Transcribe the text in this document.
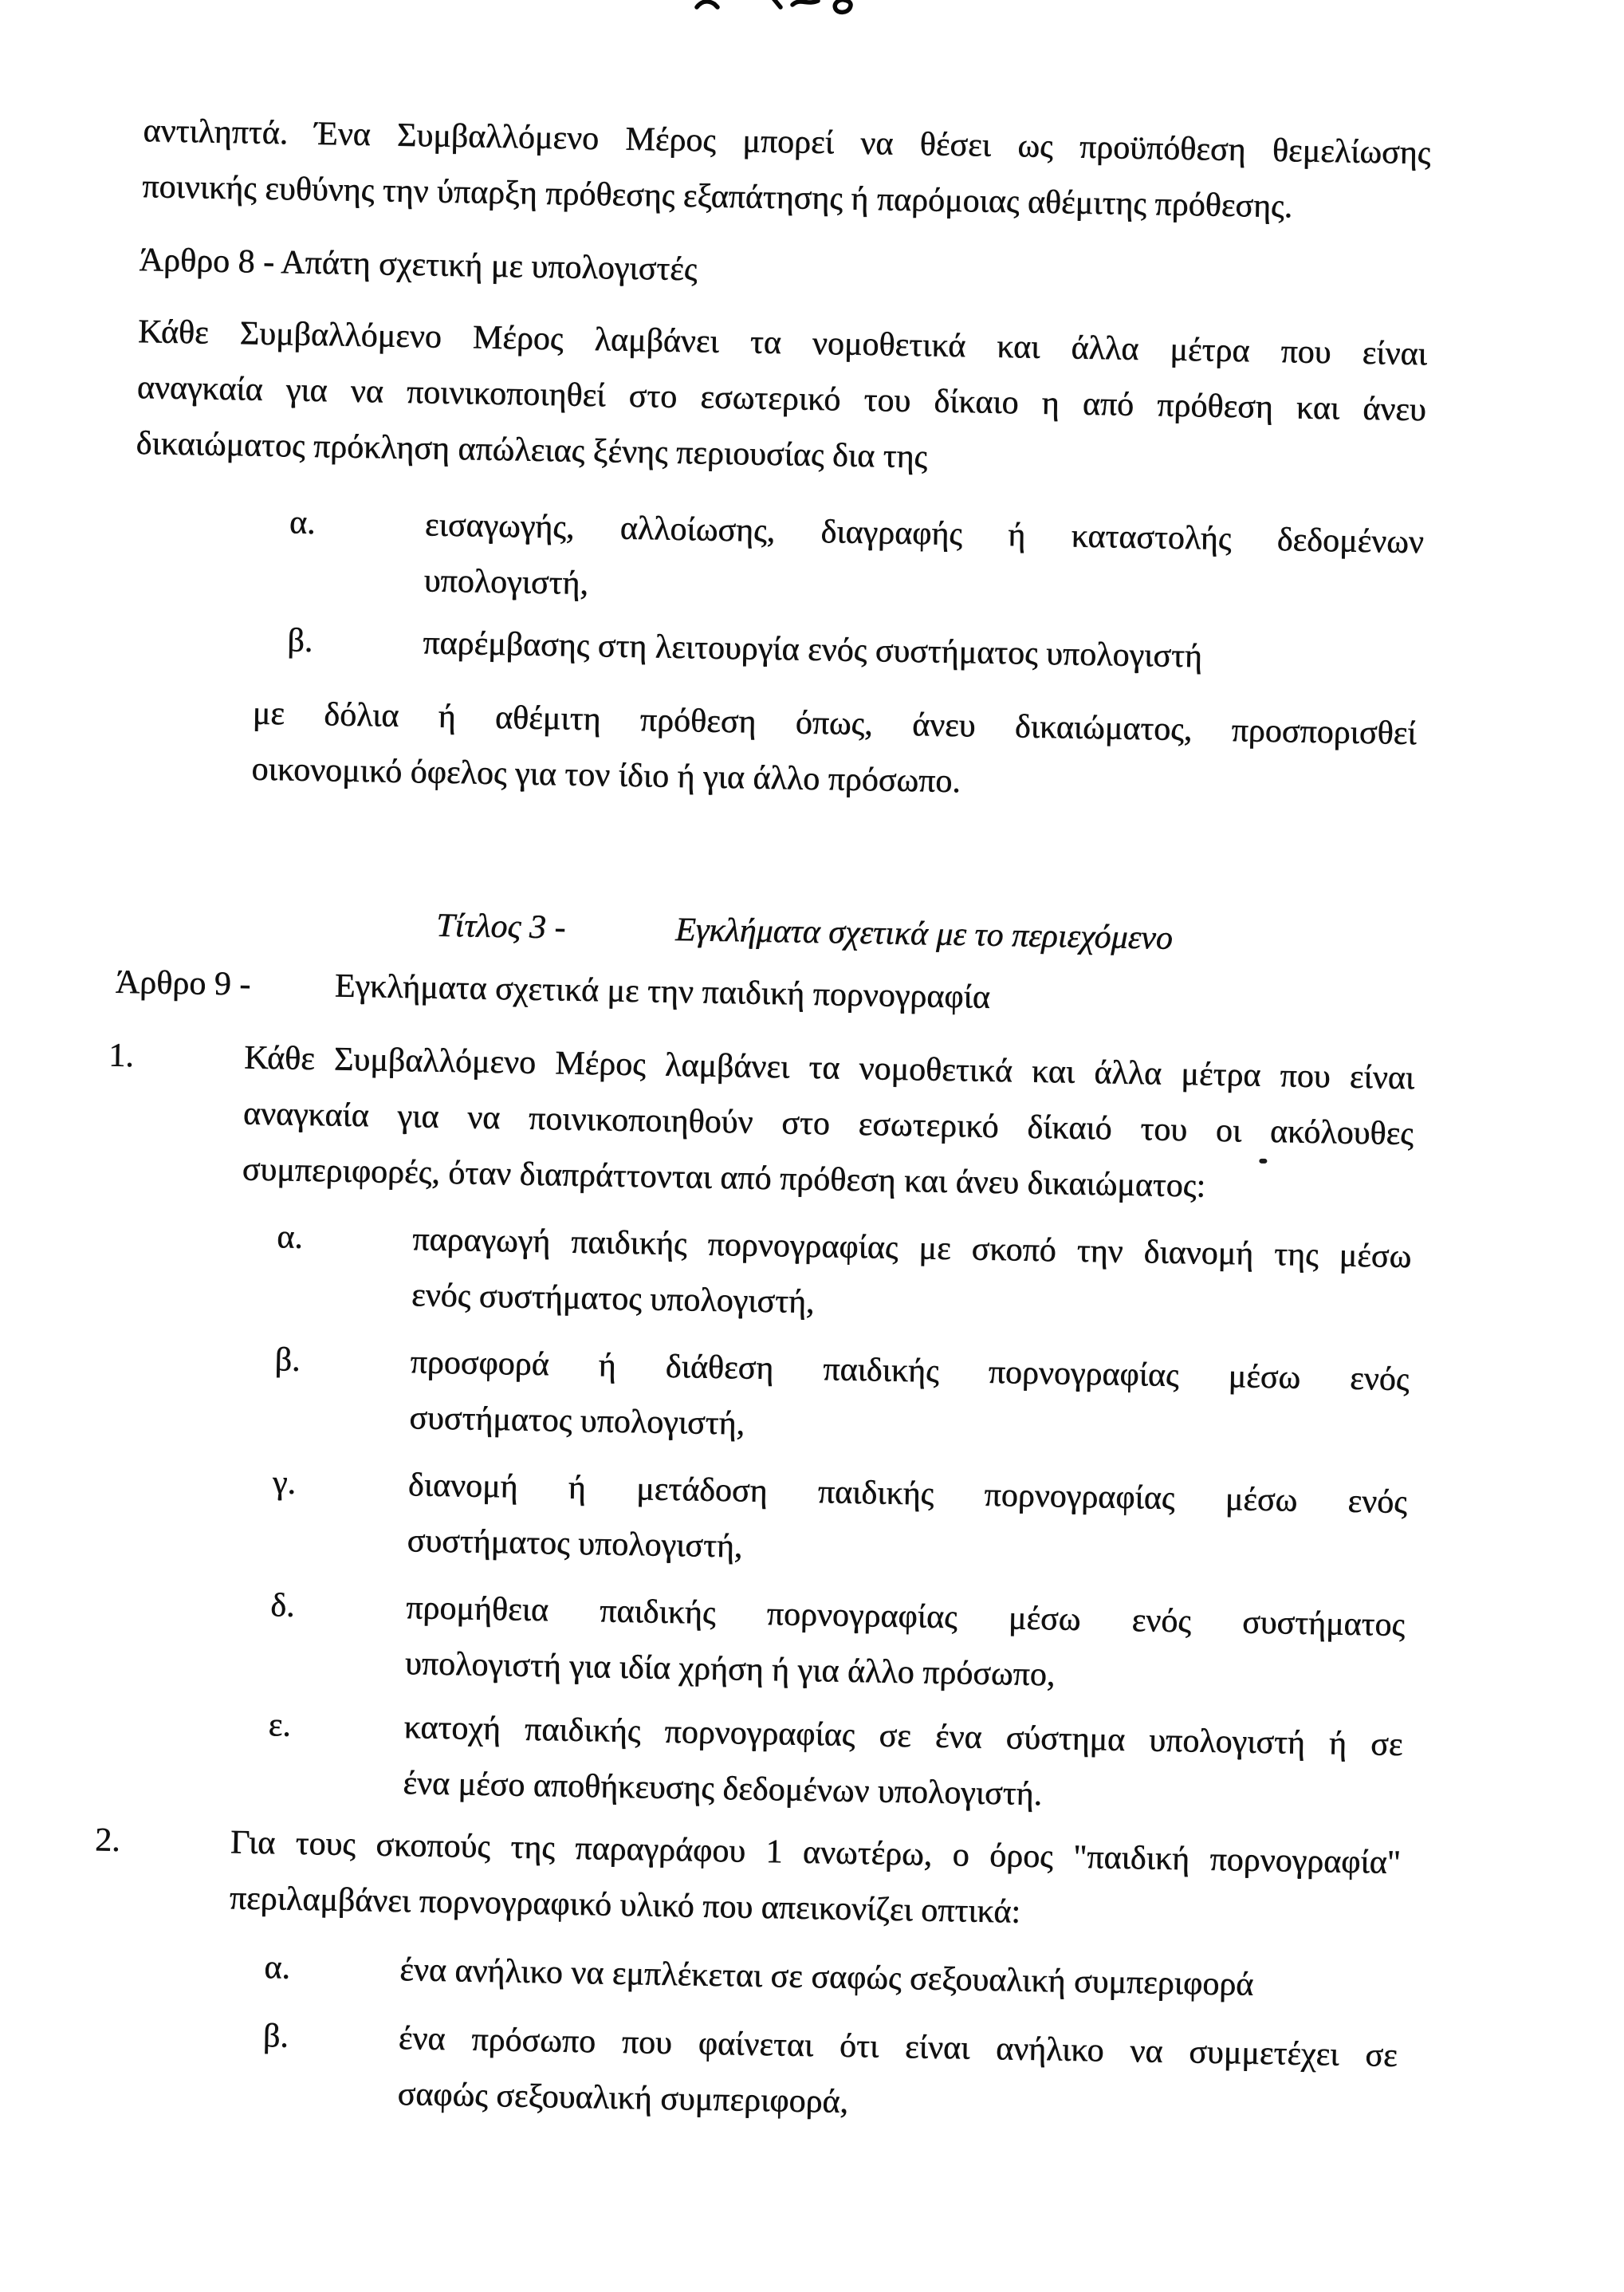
αντιληπτά. Ένα Συμβαλλόμενο Μέρος μπορεί να θέσει ως προϋπόθεση θεμελίωσης
ποινικής ευθύνης την ύπαρξη πρόθεσης εξαπάτησης ή παρόμοιας αθέμιτης πρόθεσης.

Άρθρο 8 - Απάτη σχετική με υπολογιστές

Κάθε Συμβαλλόμενο Μέρος λαμβάνει τα νομοθετικά και άλλα μέτρα που είναι
αναγκαία για να ποινικοποιηθεί στο εσωτερικό του δίκαιο η από πρόθεση και άνευ
δικαιώματος πρόκληση απώλειας ξένης περιουσίας δια της

α.	εισαγωγής, αλλοίωσης, διαγραφής ή καταστολής δεδομένων
υπολογιστή,
β.	παρέμβασης στη λειτουργία ενός συστήματος υπολογιστή

με δόλια ή αθέμιτη πρόθεση όπως, άνευ δικαιώματος, προσπορισθεί
οικονομικό όφελος για τον ίδιο ή για άλλο πρόσωπο.

Τίτλος 3 -	Εγκλήματα σχετικά με το περιεχόμενο

Άρθρο 9 -	Εγκλήματα σχετικά με την παιδική πορνογραφία

1.	Κάθε Συμβαλλόμενο Μέρος λαμβάνει τα νομοθετικά και άλλα μέτρα που είναι
αναγκαία για να ποινικοποιηθούν στο εσωτερικό δίκαιό του οι ακόλουθες
συμπεριφορές, όταν διαπράττονται από πρόθεση και άνευ δικαιώματος:
α.	παραγωγή παιδικής πορνογραφίας με σκοπό την διανομή της μέσω
ενός συστήματος υπολογιστή,
β.	προσφορά ή διάθεση παιδικής πορνογραφίας μέσω ενός
συστήματος υπολογιστή,
γ.	διανομή ή μετάδοση παιδικής πορνογραφίας μέσω ενός
συστήματος υπολογιστή,
δ.	προμήθεια παιδικής πορνογραφίας μέσω ενός συστήματος
υπολογιστή για ιδία χρήση ή για άλλο πρόσωπο,
ε.	κατοχή παιδικής πορνογραφίας σε ένα σύστημα υπολογιστή ή σε
ένα μέσο αποθήκευσης δεδομένων υπολογιστή.
2.	Για τους σκοπούς της παραγράφου 1 ανωτέρω, ο όρος "παιδική πορνογραφία"
περιλαμβάνει πορνογραφικό υλικό που απεικονίζει οπτικά:
α.	ένα ανήλικο να εμπλέκεται σε σαφώς σεξουαλική συμπεριφορά
β.	ένα πρόσωπο που φαίνεται ότι είναι ανήλικο να συμμετέχει σε
σαφώς σεξουαλική συμπεριφορά,
